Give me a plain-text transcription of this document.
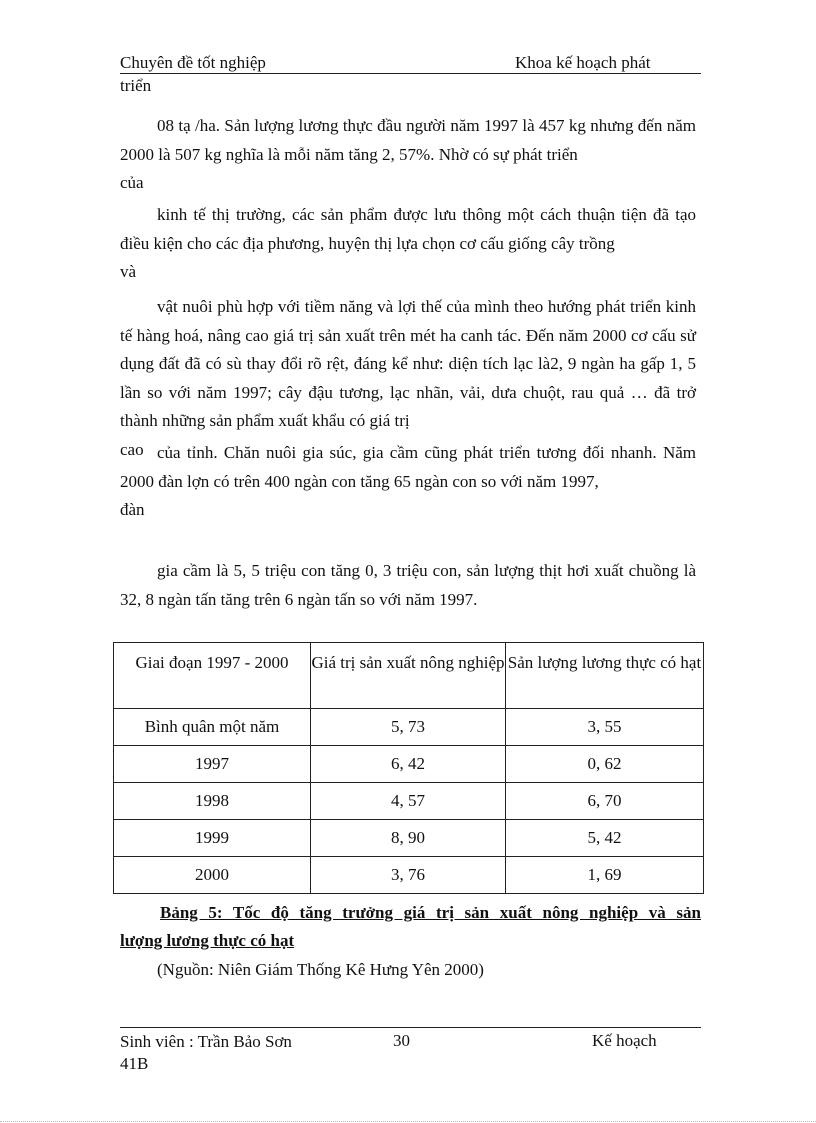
Chuyên đề tốt nghiệp	Khoa kế hoạch phát
triển
08 tạ /ha. Sản lượng lương thực đầu người năm 1997 là 457 kg nhưng đến năm 2000 là 507 kg nghĩa là mỗi năm tăng 2, 57%. Nhờ có sự phát triển
của
kinh tế thị trường, các sản phẩm được lưu thông một cách thuận tiện đã tạo điều kiện cho các địa phương, huyện thị lựa chọn cơ cấu giống cây trồng
và
vật nuôi phù hợp với tiềm năng và lợi thế của mình theo hướng phát triển kinh tế hàng hoá, nâng cao giá trị sản xuất trên mét ha canh tác. Đến năm 2000 cơ cấu sử dụng đất đã có sù thay đổi rõ rệt, đáng kể như: diện tích lạc là2, 9 ngàn ha gấp 1, 5 lần so với năm 1997; cây đậu tương, lạc nhãn, vải, dưa chuột, rau quả … đã trở thành những sản phẩm xuất khẩu có giá trị
cao của tỉnh. Chăn nuôi gia súc, gia cầm cũng phát triển tương đối nhanh. Năm 2000 đàn lợn có trên 400 ngàn con tăng 65 ngàn con so với năm 1997,
đàn
gia cầm là 5, 5 triệu con tăng 0, 3 triệu con, sản lượng thịt hơi xuất chuồng là 32, 8 ngàn tấn tăng trên 6 ngàn tấn so với năm 1997.
Giai đoạn 1997 - 2000	Giá trị sản xuất nông nghiệp	Sản lượng lương thực có hạt
Bình quân một năm	5, 73	3, 55
1997	6, 42	0, 62
1998	4, 57	6, 70
1999	8, 90	5, 42
2000	3, 76	1, 69
Bảng 5: Tốc độ tăng trưởng giá trị sản xuất nông nghiệp và sản
lượng lương thực có hạt
(Nguồn: Niên Giám Thống Kê Hưng Yên 2000)
Sinh viên : Trần Bảo Sơn
41B
30	Kế hoạch
